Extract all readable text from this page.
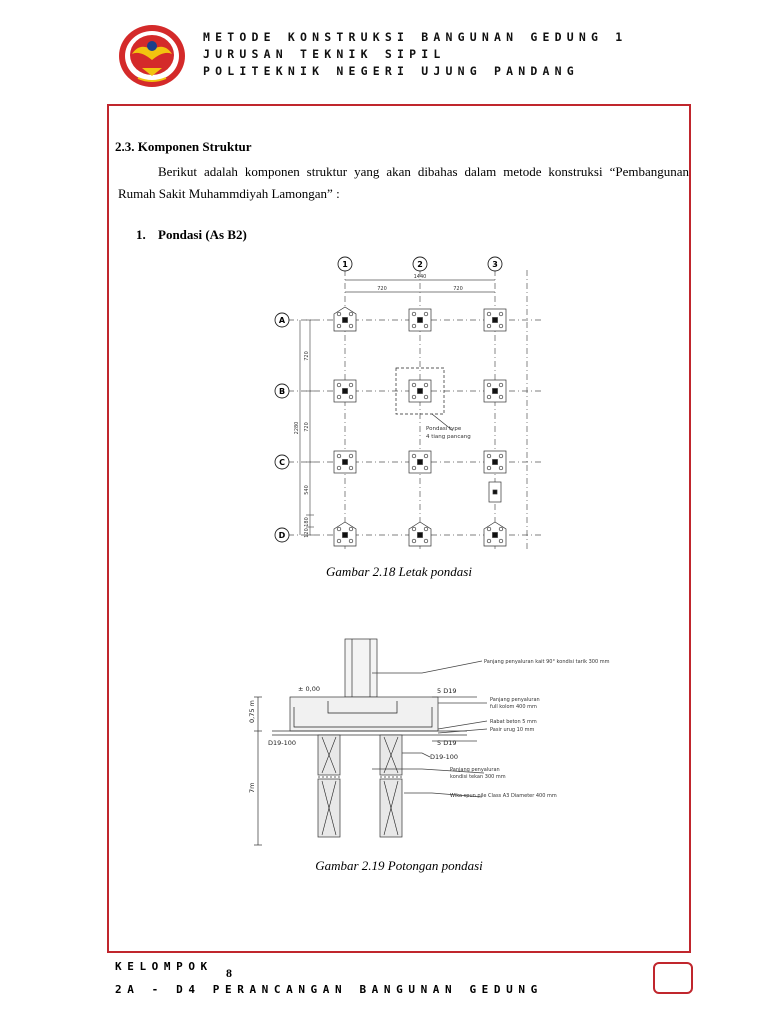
METODE KONSTRUKSI BANGUNAN GEDUNG 1
JURUSAN TEKNIK SIPIL
POLITEKNIK NEGERI UJUNG PANDANG
2.3. Komponen Struktur
Berikut adalah komponen struktur yang akan dibahas dalam metode konstruksi “Pembangunan Rumah Sakit Muhammdiyah Lamongan” :
1. Pondasi (As B2)
1	2	3
A
B
C
D
1440
720	720
720
720
540
180
120
2280	Pondasi type
4 tiang pancang
Gambar 2.18 Letak pondasi
± 0,00
0,75 m
7m
D19-100
D19-100
5 D19
5 D19
Panjang penyaluran kait 90° kondisi tarik 300 mm
Panjang penyaluran
full kolom 400 mm
Rabat beton 5 mm
Pasir urug 10 mm
Panjang penyaluran
kondisi tekan 300 mm
Wika spun pile Class A3 Diameter 400 mm
Gambar 2.19 Potongan pondasi
KELOMPOK 8
2A - D4 PERANCANGAN BANGUNAN GEDUNG
